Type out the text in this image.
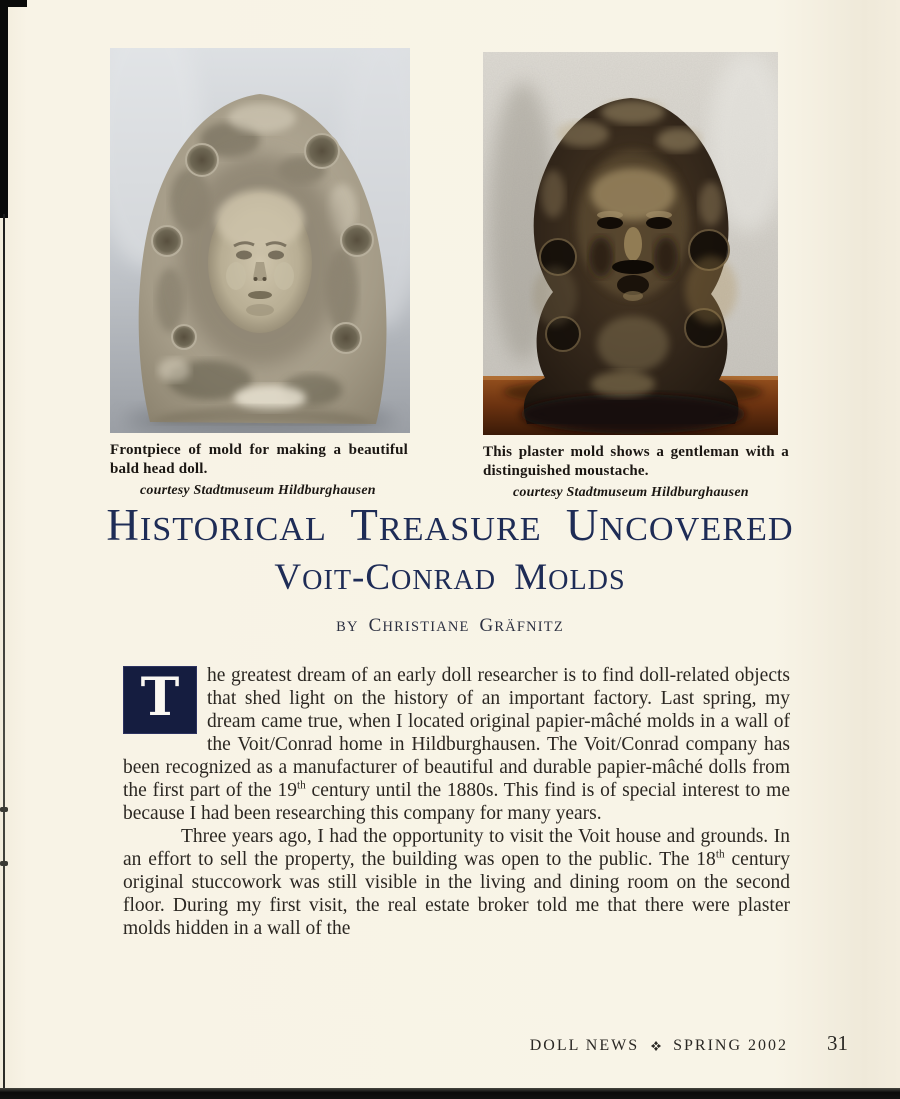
Frontpiece of mold for making a beautiful bald head doll.
courtesy Stadtmuseum Hildburghausen
This plaster mold shows a gentleman with a distinguished moustache.
courtesy Stadtmuseum Hildburghausen
HISTORICAL TREASURE UNCOVERED
VOIT-CONRAD MOLDS
BY CHRISTIANE GRÄFNITZ
T	he greatest dream of an early doll researcher is to find doll-related objects that shed light on the history of an important factory. Last spring, my dream came true, when I located original papier-mâché molds in a wall of the Voit/Conrad home in Hildburghausen. The Voit/Conrad company has been recognized as a manufacturer of beautiful and durable papier-mâché dolls from the first part of the 19th century until the 1880s. This find is of special interest to me because I had been researching this company for many years.

Three years ago, I had the opportunity to visit the Voit house and grounds. In an effort to sell the property, the building was open to the public. The 18th century original stuccowork was still visible in the living and dining room on the second floor. During my first visit, the real estate broker told me that there were plaster molds hidden in a wall of the

DOLL NEWS SPRING 2002 31
